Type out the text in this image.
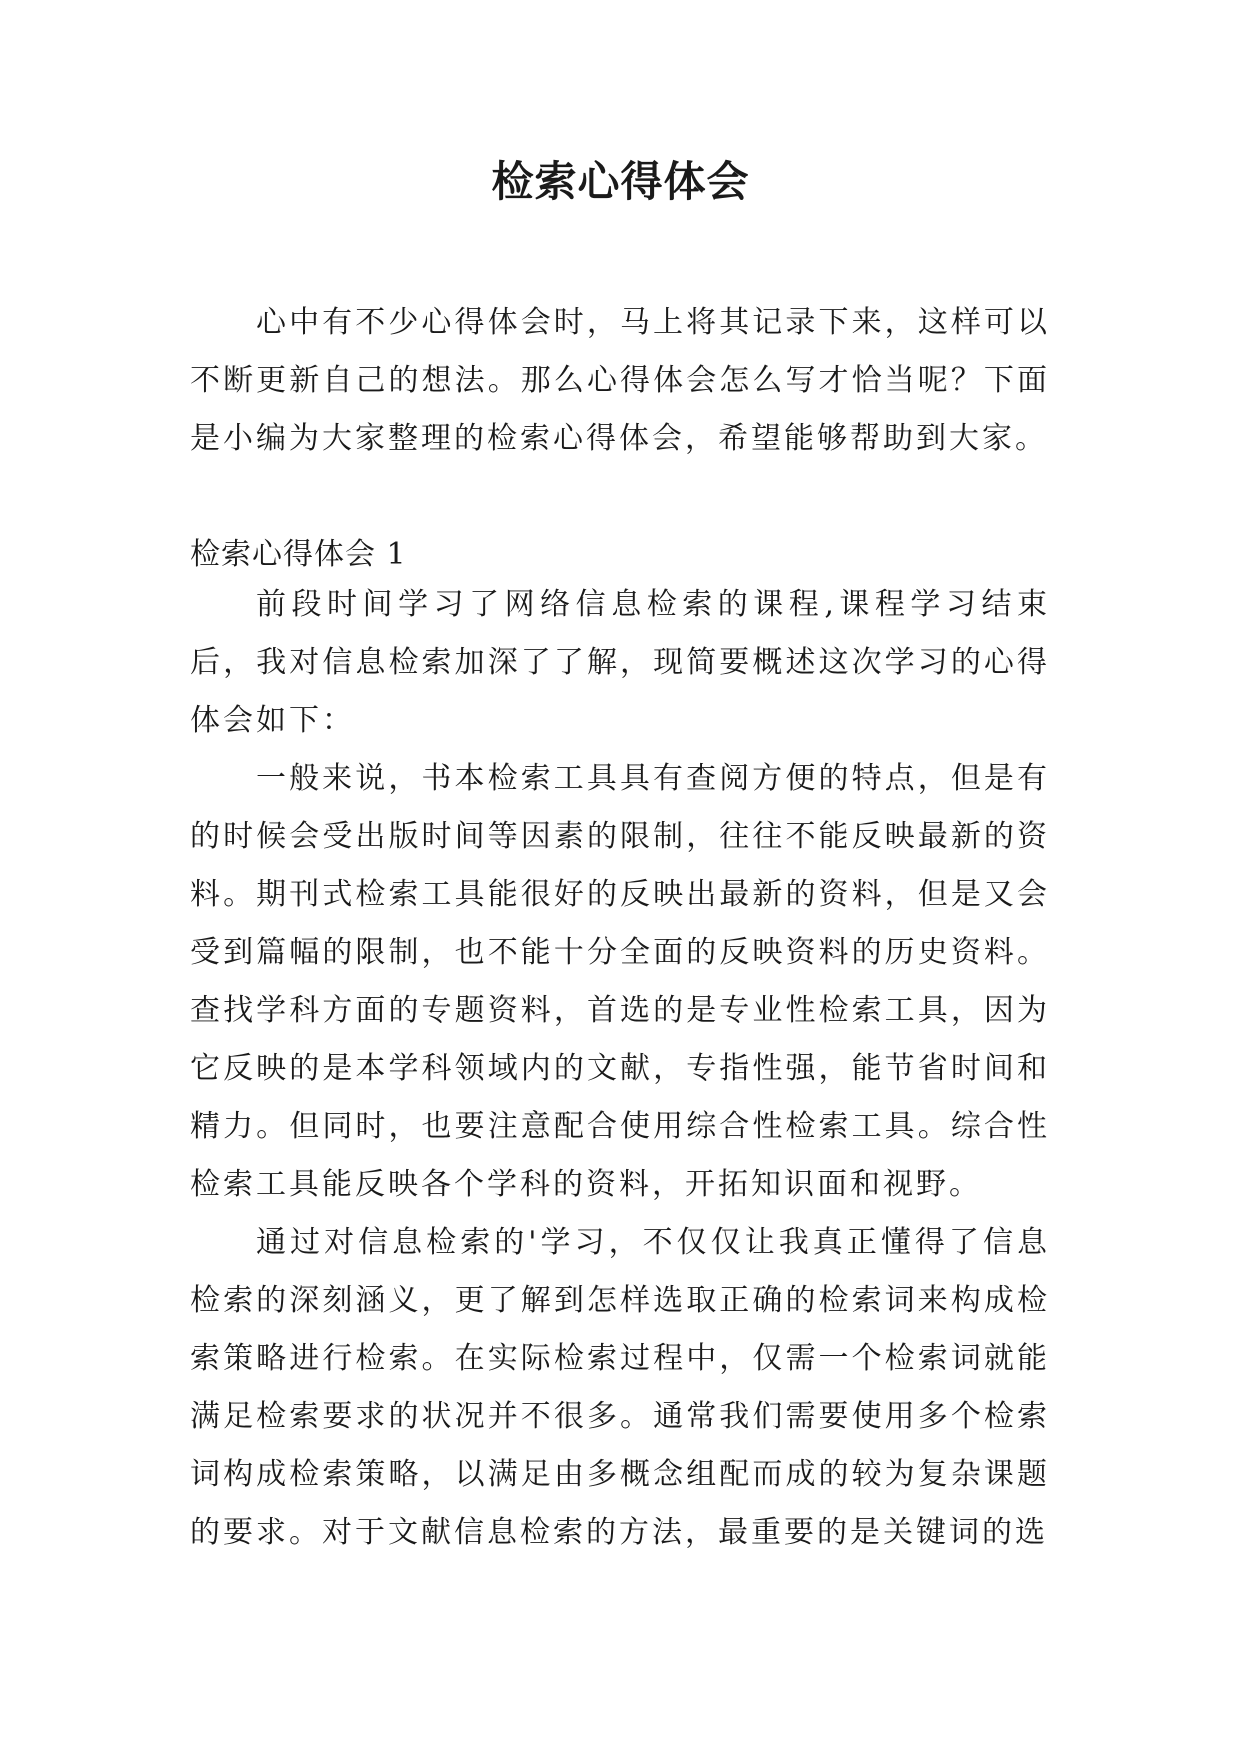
检索心得体会

心中有不少心得体会时，马上将其记录下来，这样可以不断更新自己的想法。那么心得体会怎么写才恰当呢？下面是小编为大家整理的检索心得体会，希望能够帮助到大家。

检索心得体会 1

前段时间学习了网络信息检索的课程,课程学习结束后，我对信息检索加深了了解，现简要概述这次学习的心得体会如下：

一般来说，书本检索工具具有查阅方便的特点，但是有的时候会受出版时间等因素的限制，往往不能反映最新的资料。期刊式检索工具能很好的反映出最新的资料，但是又会受到篇幅的限制，也不能十分全面的反映资料的历史资料。查找学科方面的专题资料，首选的是专业性检索工具，因为它反映的是本学科领域内的文献，专指性强，能节省时间和精力。但同时，也要注意配合使用综合性检索工具。综合性检索工具能反映各个学科的资料，开拓知识面和视野。

通过对信息检索的'学习，不仅仅让我真正懂得了信息检索的深刻涵义，更了解到怎样选取正确的检索词来构成检索策略进行检索。在实际检索过程中，仅需一个检索词就能满足检索要求的状况并不很多。通常我们需要使用多个检索词构成检索策略，以满足由多概念组配而成的较为复杂课题的要求。对于文献信息检索的方法，最重要的是关键词的选
